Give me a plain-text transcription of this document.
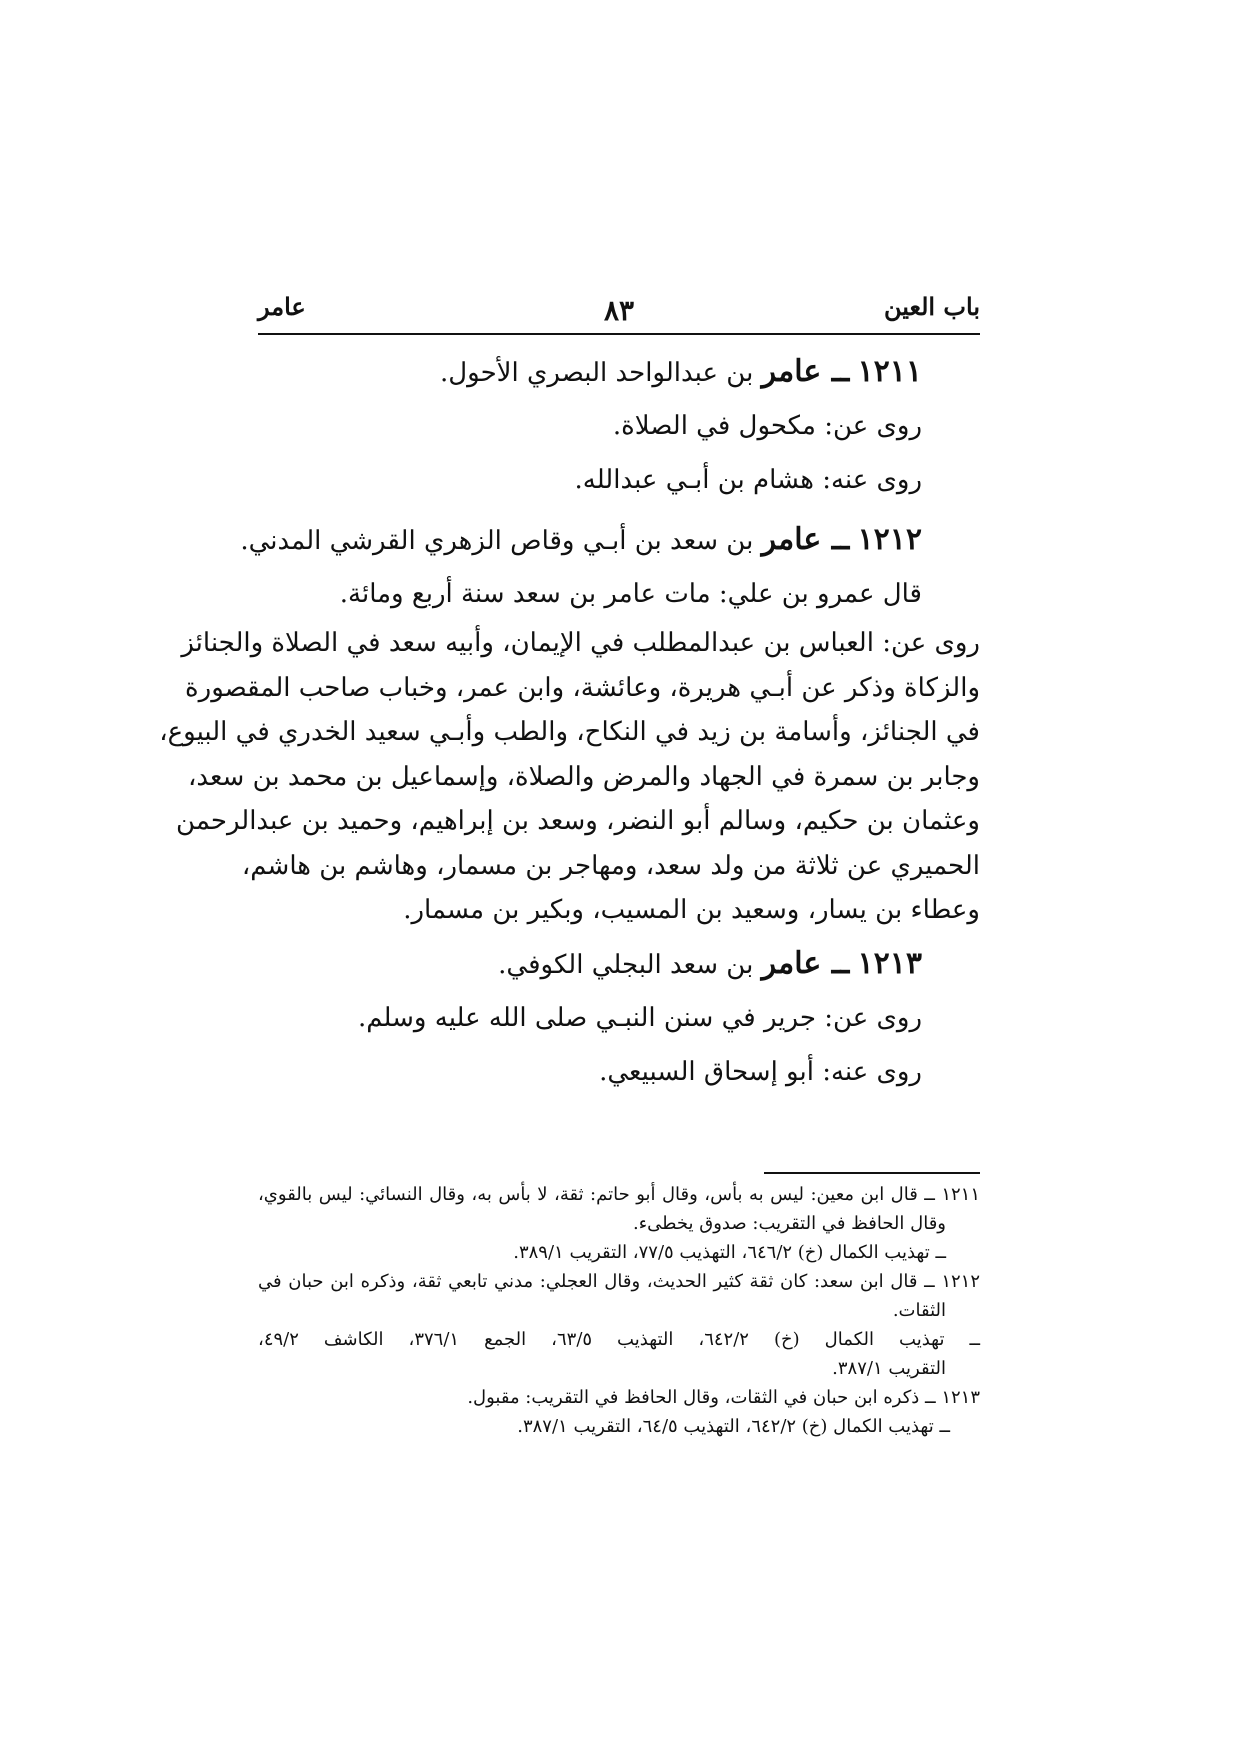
باب العين
٨٣
عامر
١٢١١ ــ عامر بن عبدالواحد البصري الأحول.
روى عن: مكحول في الصلاة.
روى عنه: هشام بن أبـي عبدالله.
١٢١٢ ــ عامر بن سعد بن أبـي وقاص الزهري القرشي المدني.
قال عمرو بن علي: مات عامر بن سعد سنة أربع ومائة.
روى عن: العباس بن عبدالمطلب في الإيمان، وأبيه سعد في الصلاة والجنائز
والزكاة وذكر عن أبـي هريرة، وعائشة، وابن عمر، وخباب صاحب المقصورة
في الجنائز، وأسامة بن زيد في النكاح، والطب وأبـي سعيد الخدري في البيوع،
وجابر بن سمرة في الجهاد والمرض والصلاة، وإسماعيل بن محمد بن سعد،
وعثمان بن حكيم، وسالم أبو النضر، وسعد بن إبراهيم، وحميد بن عبدالرحمن
الحميري عن ثلاثة من ولد سعد، ومهاجر بن مسمار، وهاشم بن هاشم،
وعطاء بن يسار، وسعيد بن المسيب، وبكير بن مسمار.
١٢١٣ ــ عامر بن سعد البجلي الكوفي.
روى عن: جرير في سنن النبـي صلى الله عليه وسلم.
روى عنه: أبو إسحاق السبيعي.
١٢١١ ــ قال ابن معين: ليس به بأس، وقال أبو حاتم: ثقة، لا بأس به، وقال النسائي: ليس بالقوي،
وقال الحافظ في التقريب: صدوق يخطىء.
ــ تهذيب الكمال (خ) ٦٤٦/٢، التهذيب ٧٧/٥، التقريب ٣٨٩/١.
١٢١٢ ــ قال ابن سعد: كان ثقة كثير الحديث، وقال العجلي: مدني تابعي ثقة، وذكره ابن حبان في
الثقات.
ــ تهذيب الكمال (خ) ٦٤٢/٢، التهذيب ٦٣/٥، الجمع ٣٧٦/١، الكاشف ٤٩/٢،
التقريب ٣٨٧/١.
١٢١٣ ــ ذكره ابن حبان في الثقات، وقال الحافظ في التقريب: مقبول.
ــ تهذيب الكمال (خ) ٦٤٢/٢، التهذيب ٦٤/٥، التقريب ٣٨٧/١.
